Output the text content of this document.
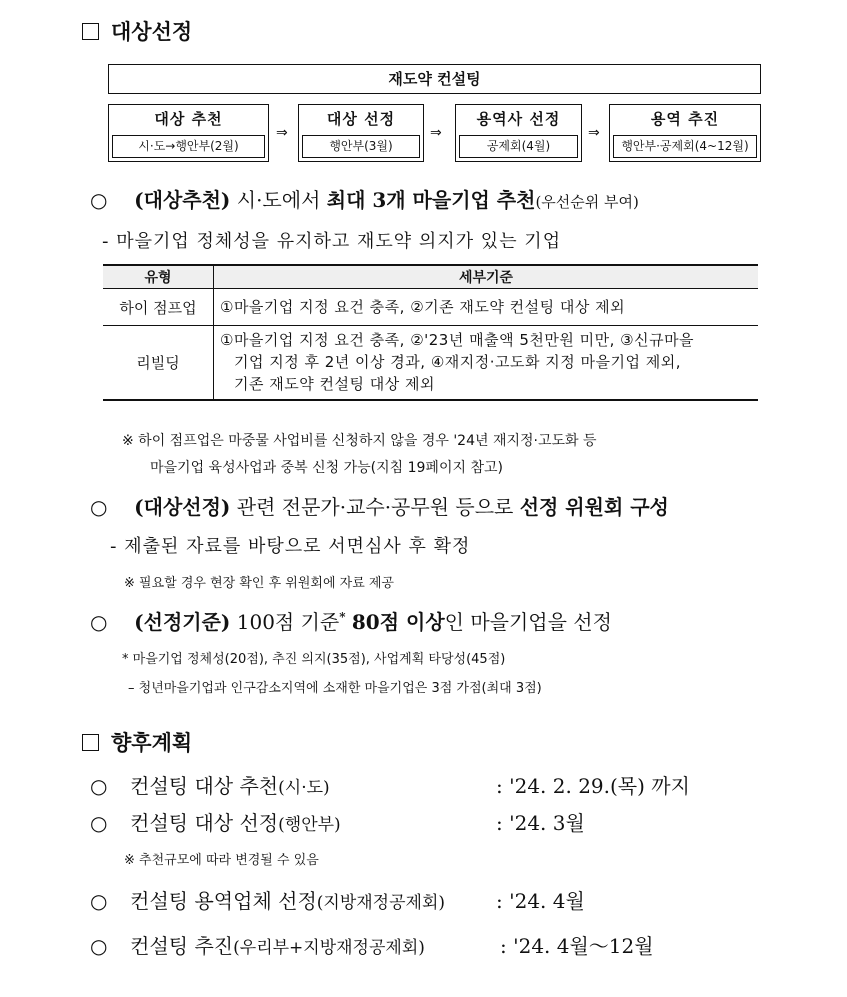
대상선정
재도약 컨설팅
대상 추천
시·도→행안부(2월)
⇒
대상 선정
행안부(3월)
⇒
용역사 선정
공제회(4월)
⇒
용역 추진
행안부·공제회(4~12월)
○ (대상추천) 시·도에서 최대 3개 마을기업 추천(우선순위 부여)
- 마을기업 정체성을 유지하고 재도약 의지가 있는 기업
유형	세부기준
하이 점프업	①마을기업 지정 요건 충족, ②기존 재도약 컨설팅 대상 제외

리빌딩	①마을기업 지정 요건 충족, ②'23년 매출액 5천만원 미만, ③신규마을
기업 지정 후 2년 이상 경과, ④재지정·고도화 지정 마을기업 제외,
기존 재도약 컨설팅 대상 제외
※ 하이 점프업은 마중물 사업비를 신청하지 않을 경우 '24년 재지정·고도화 등
마을기업 육성사업과 중복 신청 가능(지침 19페이지 참고)
○ (대상선정) 관련 전문가·교수·공무원 등으로 선정 위원회 구성
- 제출된 자료를 바탕으로 서면심사 후 확정
※ 필요할 경우 현장 확인 후 위원회에 자료 제공
○ (선정기준) 100점 기준* 80점 이상인 마을기업을 선정
* 마을기업 정체성(20점), 추진 의지(35점), 사업계획 타당성(45점)
– 청년마을기업과 인구감소지역에 소재한 마을기업은 3점 가점(최대 3점)
향후계획
○ 컨설팅 대상 추천(시·도)	: '24. 2. 29.(목) 까지
○ 컨설팅 대상 선정(행안부)	: '24. 3월
※ 추천규모에 따라 변경될 수 있음
○ 컨설팅 용역업체 선정(지방재정공제회)	: '24. 4월
○ 컨설팅 추진(우리부+지방재정공제회)	: '24. 4월～12월
